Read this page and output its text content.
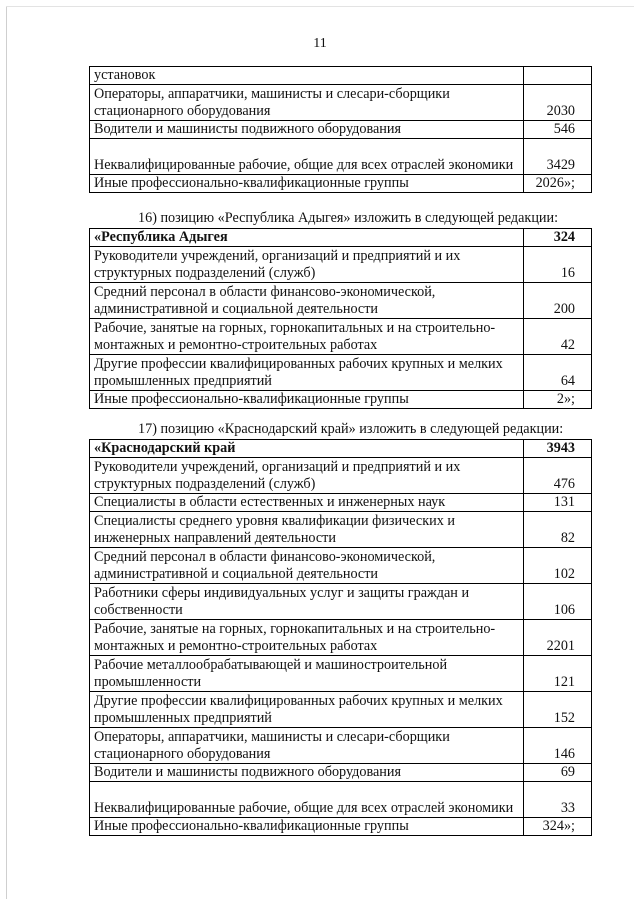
11
установок	
Операторы, аппаратчики, машинисты и слесари-сборщики стационарного оборудования	2030
Водители и машинисты подвижного оборудования	546
Неквалифицированные рабочие, общие для всех отраслей экономики	3429
Иные профессионально-квалификационные группы	2026»;
16) позицию «Республика Адыгея» изложить в следующей редакции:
«Республика Адыгея	324
Руководители учреждений, организаций и предприятий и их структурных подразделений (служб)	16
Средний персонал в области финансово-экономической, административной и социальной деятельности	200
Рабочие, занятые на горных, горнокапитальных и на строительно-монтажных и ремонтно-строительных работах	42
Другие профессии квалифицированных рабочих крупных и мелких промышленных предприятий	64
Иные профессионально-квалификационные группы	2»;
17) позицию «Краснодарский край» изложить в следующей редакции:
«Краснодарский край	3943
Руководители учреждений, организаций и предприятий и их структурных подразделений (служб)	476
Специалисты в области естественных и инженерных наук	131
Специалисты среднего уровня квалификации физических и инженерных направлений деятельности	82
Средний персонал в области финансово-экономической, административной и социальной деятельности	102
Работники сферы индивидуальных услуг и защиты граждан и собственности	106
Рабочие, занятые на горных, горнокапитальных и на строительно-монтажных и ремонтно-строительных работах	2201
Рабочие металлообрабатывающей и машиностроительной промышленности	121
Другие профессии квалифицированных рабочих крупных и мелких промышленных предприятий	152
Операторы, аппаратчики, машинисты и слесари-сборщики стационарного оборудования	146
Водители и машинисты подвижного оборудования	69
Неквалифицированные рабочие, общие для всех отраслей экономики	33
Иные профессионально-квалификационные группы	324»;
